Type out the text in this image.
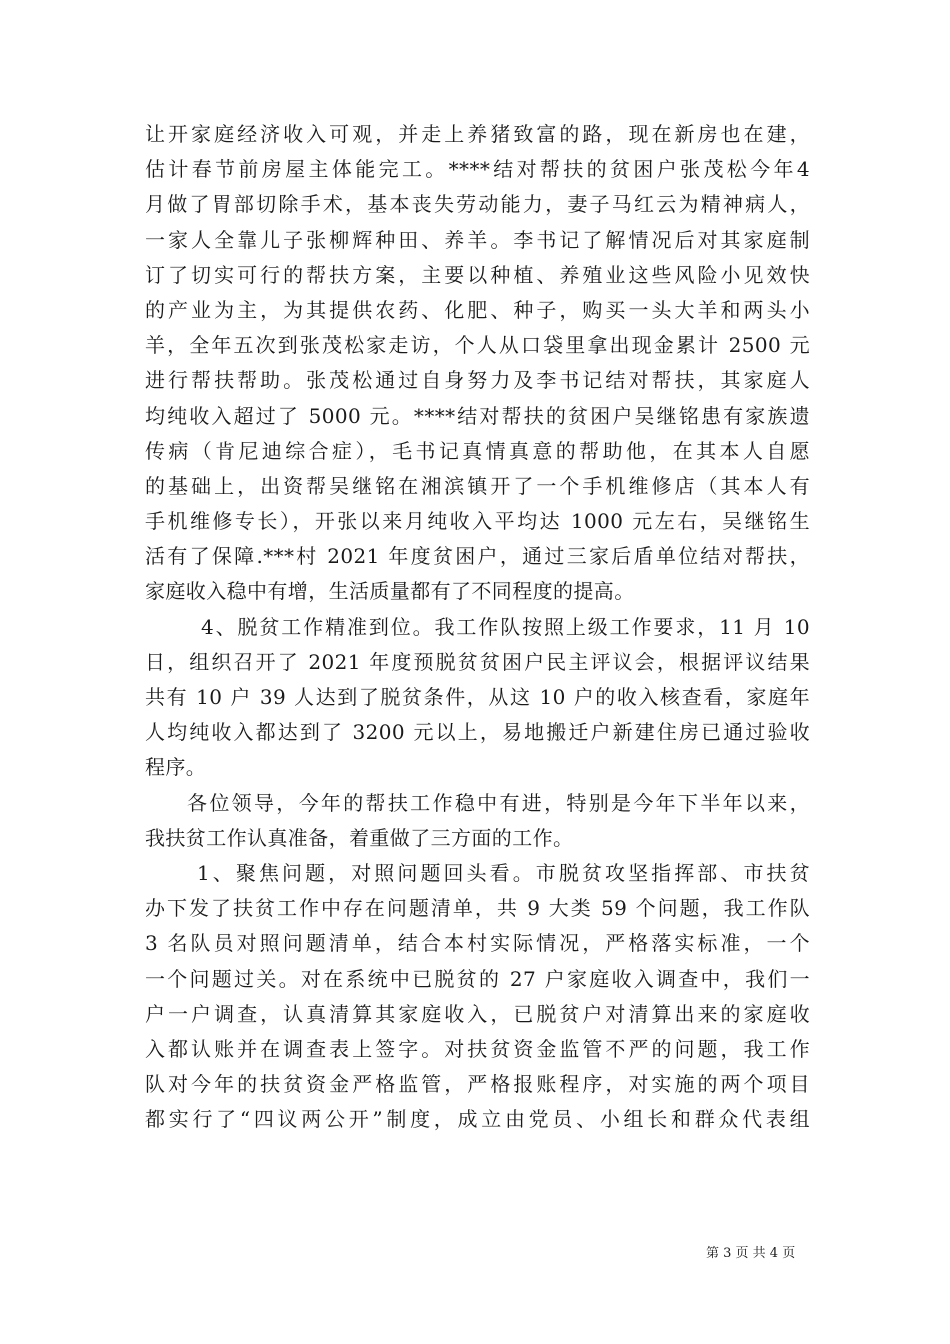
让开家庭经济收入可观，并走上养猪致富的路，现在新房也在建，
估计春节前房屋主体能完工。****结对帮扶的贫困户张茂松今年4
月做了胃部切除手术，基本丧失劳动能力，妻子马红云为精神病人，
一家人全靠儿子张柳辉种田、养羊。李书记了解情况后对其家庭制
订了切实可行的帮扶方案，主要以种植、养殖业这些风险小见效快
的产业为主，为其提供农药、化肥、种子，购买一头大羊和两头小
羊，全年五次到张茂松家走访，个人从口袋里拿出现金累计 2500 元
进行帮扶帮助。张茂松通过自身努力及李书记结对帮扶，其家庭人
均纯收入超过了 5000 元。****结对帮扶的贫困户吴继铭患有家族遗
传病（肯尼迪综合症），毛书记真情真意的帮助他，在其本人自愿
的基础上，出资帮吴继铭在湘滨镇开了一个手机维修店（其本人有
手机维修专长），开张以来月纯收入平均达 1000 元左右，吴继铭生
活有了保障.***村 2021 年度贫困户，通过三家后盾单位结对帮扶，
家庭收入稳中有增，生活质量都有了不同程度的提高。
4、脱贫工作精准到位。我工作队按照上级工作要求，11 月 10
日，组织召开了 2021 年度预脱贫贫困户民主评议会，根据评议结果
共有 10 户 39 人达到了脱贫条件，从这 10 户的收入核查看，家庭年
人均纯收入都达到了 3200 元以上，易地搬迁户新建住房已通过验收
程序。
各位领导，今年的帮扶工作稳中有进，特别是今年下半年以来，
我扶贫工作认真准备，着重做了三方面的工作。
1、聚焦问题，对照问题回头看。市脱贫攻坚指挥部、市扶贫
办下发了扶贫工作中存在问题清单，共 9 大类 59 个问题，我工作队
3 名队员对照问题清单，结合本村实际情况，严格落实标准，一个
一个问题过关。对在系统中已脱贫的 27 户家庭收入调查中，我们一
户一户调查，认真清算其家庭收入，已脱贫户对清算出来的家庭收
入都认账并在调查表上签字。对扶贫资金监管不严的问题，我工作
队对今年的扶贫资金严格监管，严格报账程序，对实施的两个项目
都实行了“四议两公开”制度，成立由党员、小组长和群众代表组
第 3 页 共 4 页
